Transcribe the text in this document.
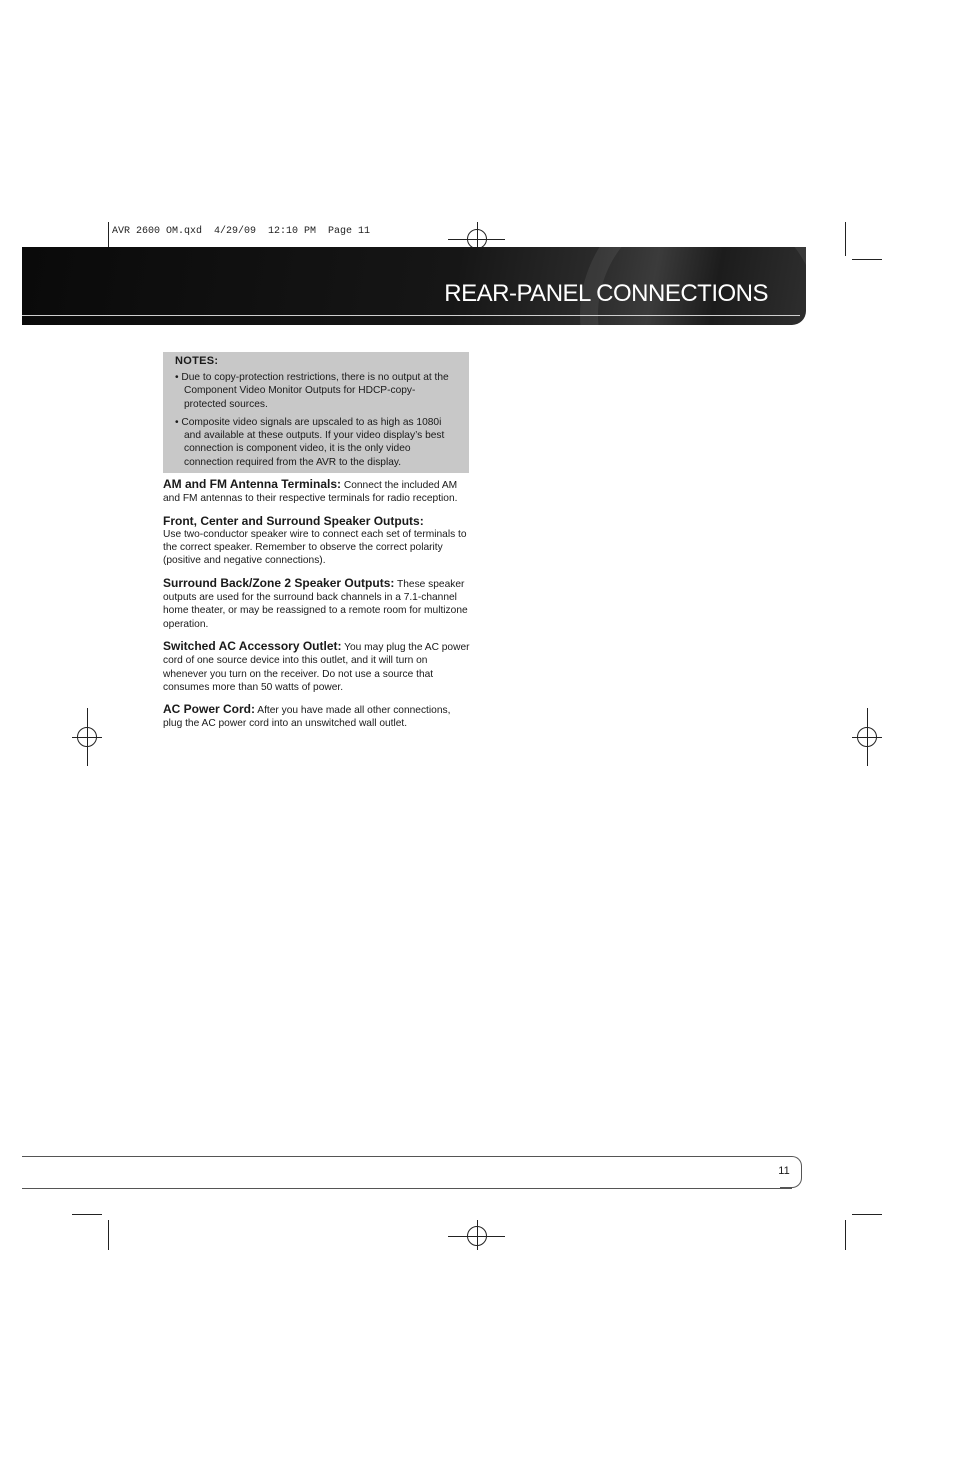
AVR 2600 OM.qxd  4/29/09  12:10 PM  Page 11
REAR-PANEL CONNECTIONS
NOTES:
• Due to copy-protection restrictions, there is no output at the Component Video Monitor Outputs for HDCP-copy-protected sources.
• Composite video signals are upscaled to as high as 1080i and available at these outputs. If your video display’s best connection is component video, it is the only video connection required from the AVR to the display.

AM and FM Antenna Terminals: Connect the included AM and FM antennas to their respective terminals for radio reception.

Front, Center and Surround Speaker Outputs:
Use two-conductor speaker wire to connect each set of terminals to the correct speaker. Remember to observe the correct polarity (positive and negative connections).

Surround Back/Zone 2 Speaker Outputs: These speaker outputs are used for the surround back channels in a 7.1-channel home theater, or may be reassigned to a remote room for multizone operation.

Switched AC Accessory Outlet: You may plug the AC power cord of one source device into this outlet, and it will turn on whenever you turn on the receiver. Do not use a source that consumes more than 50 watts of power.

AC Power Cord: After you have made all other connections, plug the AC power cord into an unswitched wall outlet.

11
